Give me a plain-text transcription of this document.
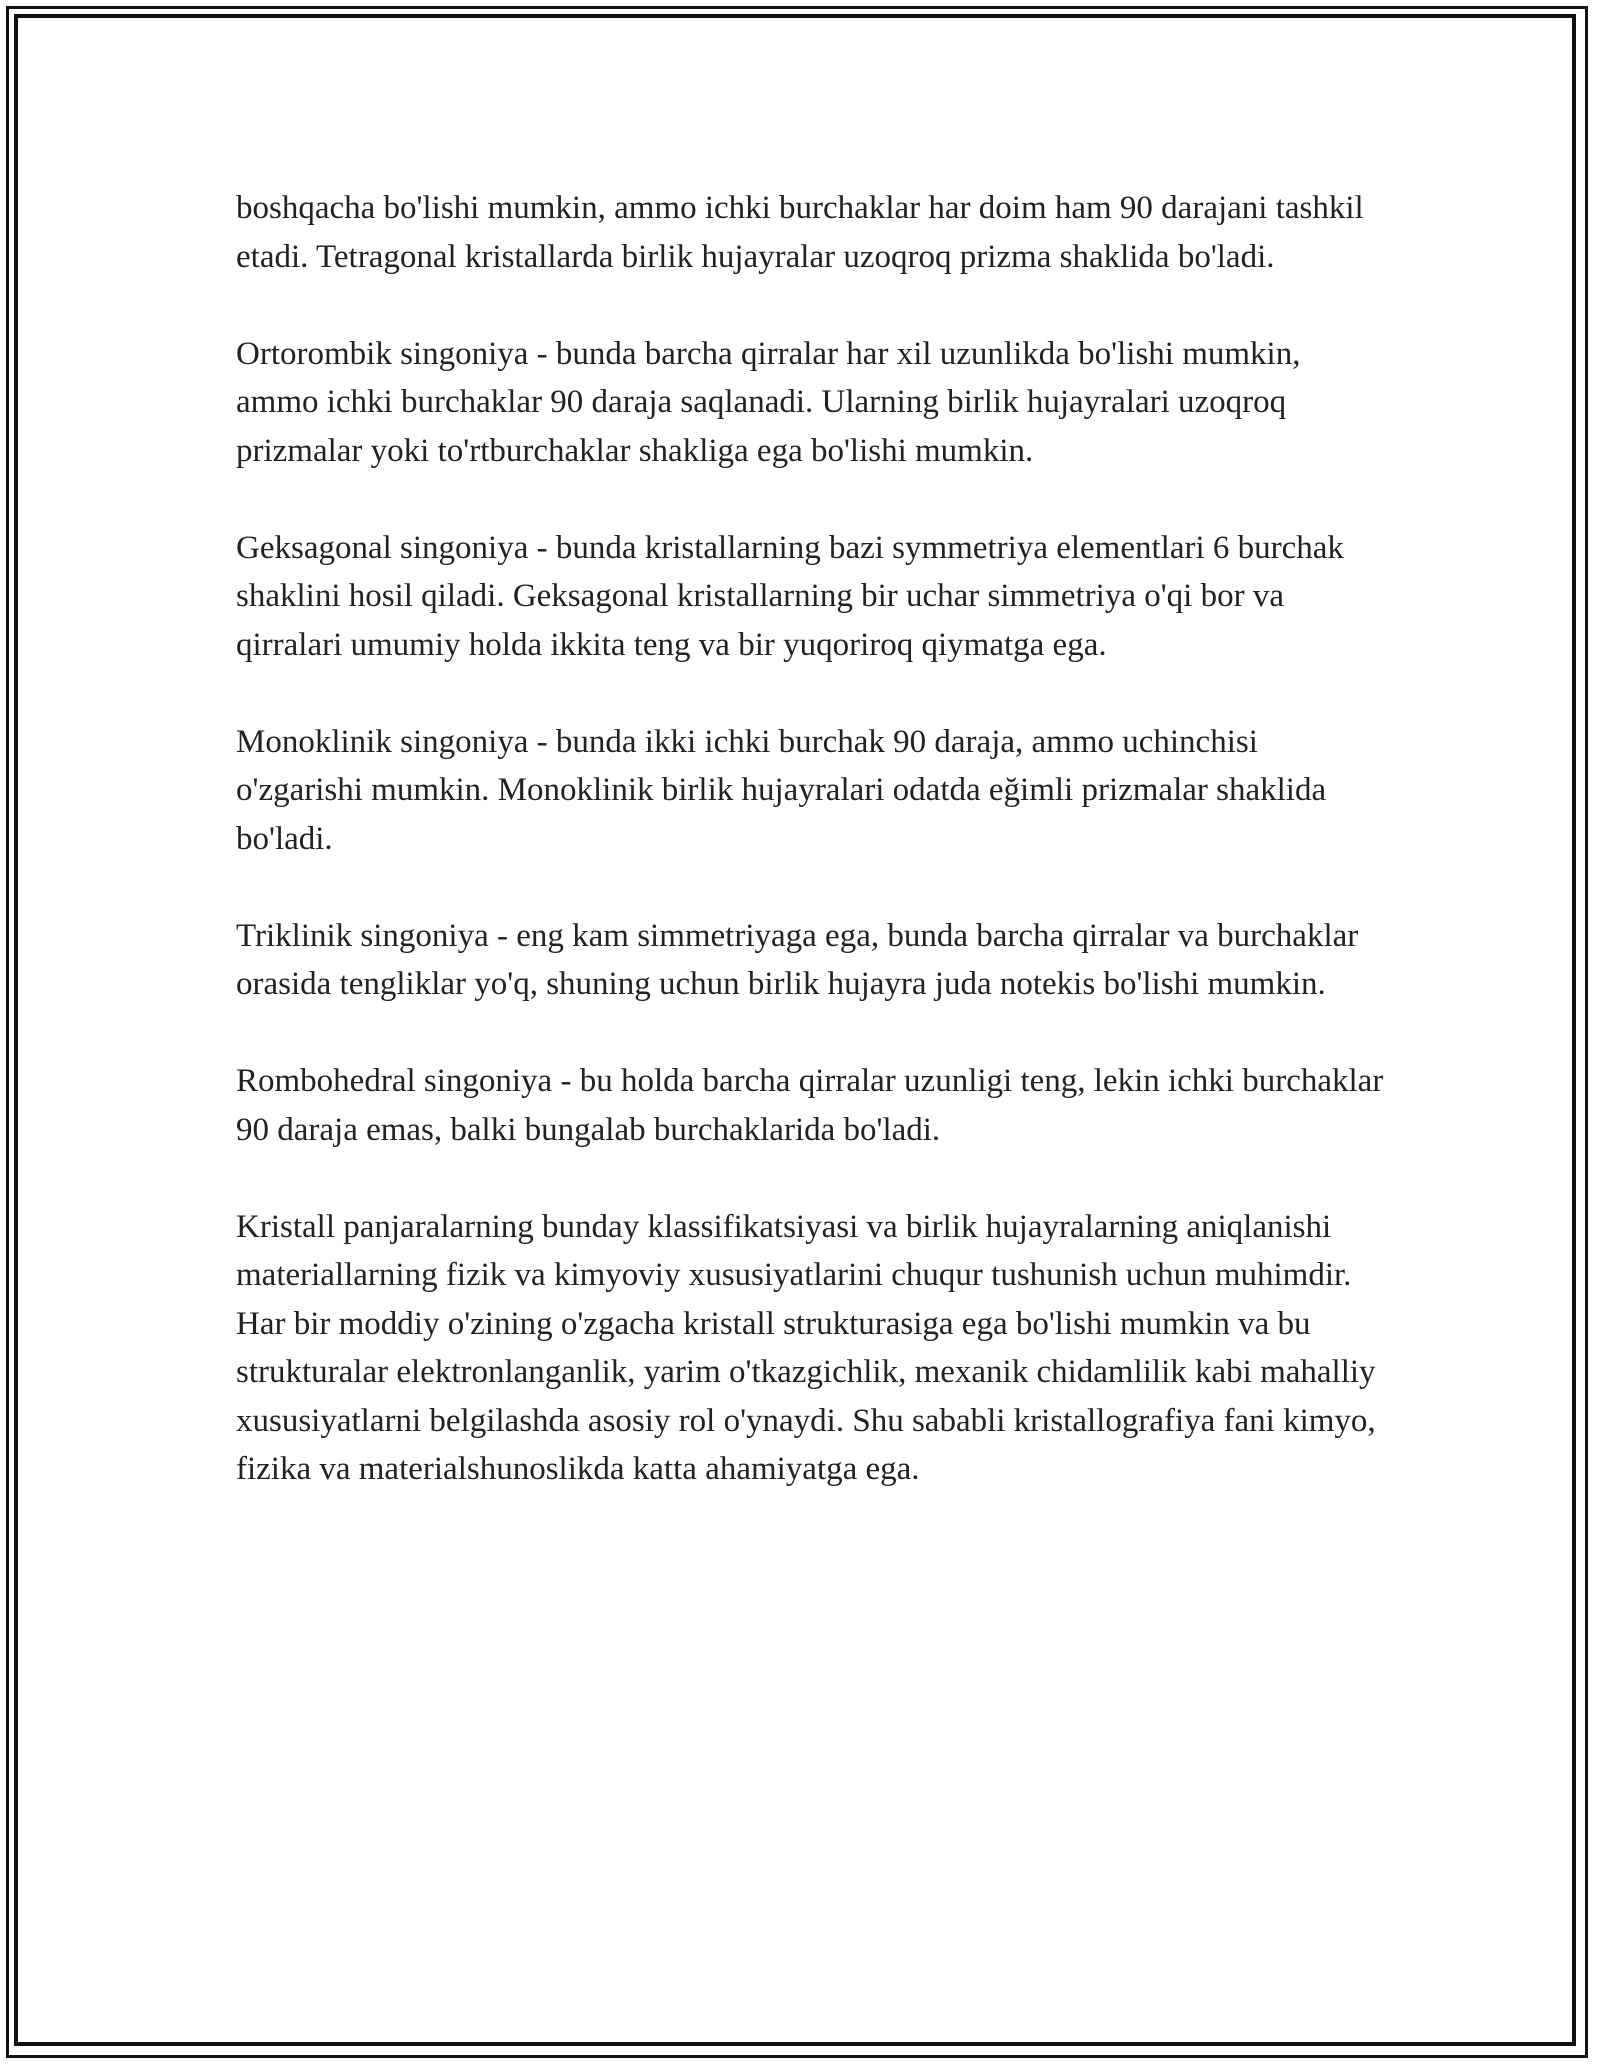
boshqacha bo'lishi mumkin, ammo ichki burchaklar har doim ham 90 darajani tashkil etadi. Tetragonal kristallarda birlik hujayralar uzoqroq prizma shaklida bo'ladi.

Ortorombik singoniya - bunda barcha qirralar har xil uzunlikda bo'lishi mumkin, ammo ichki burchaklar 90 daraja saqlanadi. Ularning birlik hujayralari uzoqroq prizmalar yoki to'rtburchaklar shakliga ega bo'lishi mumkin.

Geksagonal singoniya - bunda kristallarning bazi symmetriya elementlari 6 burchak shaklini hosil qiladi. Geksagonal kristallarning bir uchar simmetriya o'qi bor va qirralari umumiy holda ikkita teng va bir yuqoriroq qiymatga ega.

Monoklinik singoniya - bunda ikki ichki burchak 90 daraja, ammo uchinchisi o'zgarishi mumkin. Monoklinik birlik hujayralari odatda eğimli prizmalar shaklida bo'ladi.

Triklinik singoniya - eng kam simmetriyaga ega, bunda barcha qirralar va burchaklar orasida tengliklar yo'q, shuning uchun birlik hujayra juda notekis bo'lishi mumkin.

Rombohedral singoniya - bu holda barcha qirralar uzunligi teng, lekin ichki burchaklar 90 daraja emas, balki bungalab burchaklarida bo'ladi.

Kristall panjaralarning bunday klassifikatsiyasi va birlik hujayralarning aniqlanishi materiallarning fizik va kimyoviy xususiyatlarini chuqur tushunish uchun muhimdir. Har bir moddiy o'zining o'zgacha kristall strukturasiga ega bo'lishi mumkin va bu strukturalar elektronlanganlik, yarim o'tkazgichlik, mexanik chidamlilik kabi mahalliy xususiyatlarni belgilashda asosiy rol o'ynaydi. Shu sababli kristallografiya fani kimyo, fizika va materialshunoslikda katta ahamiyatga ega.
